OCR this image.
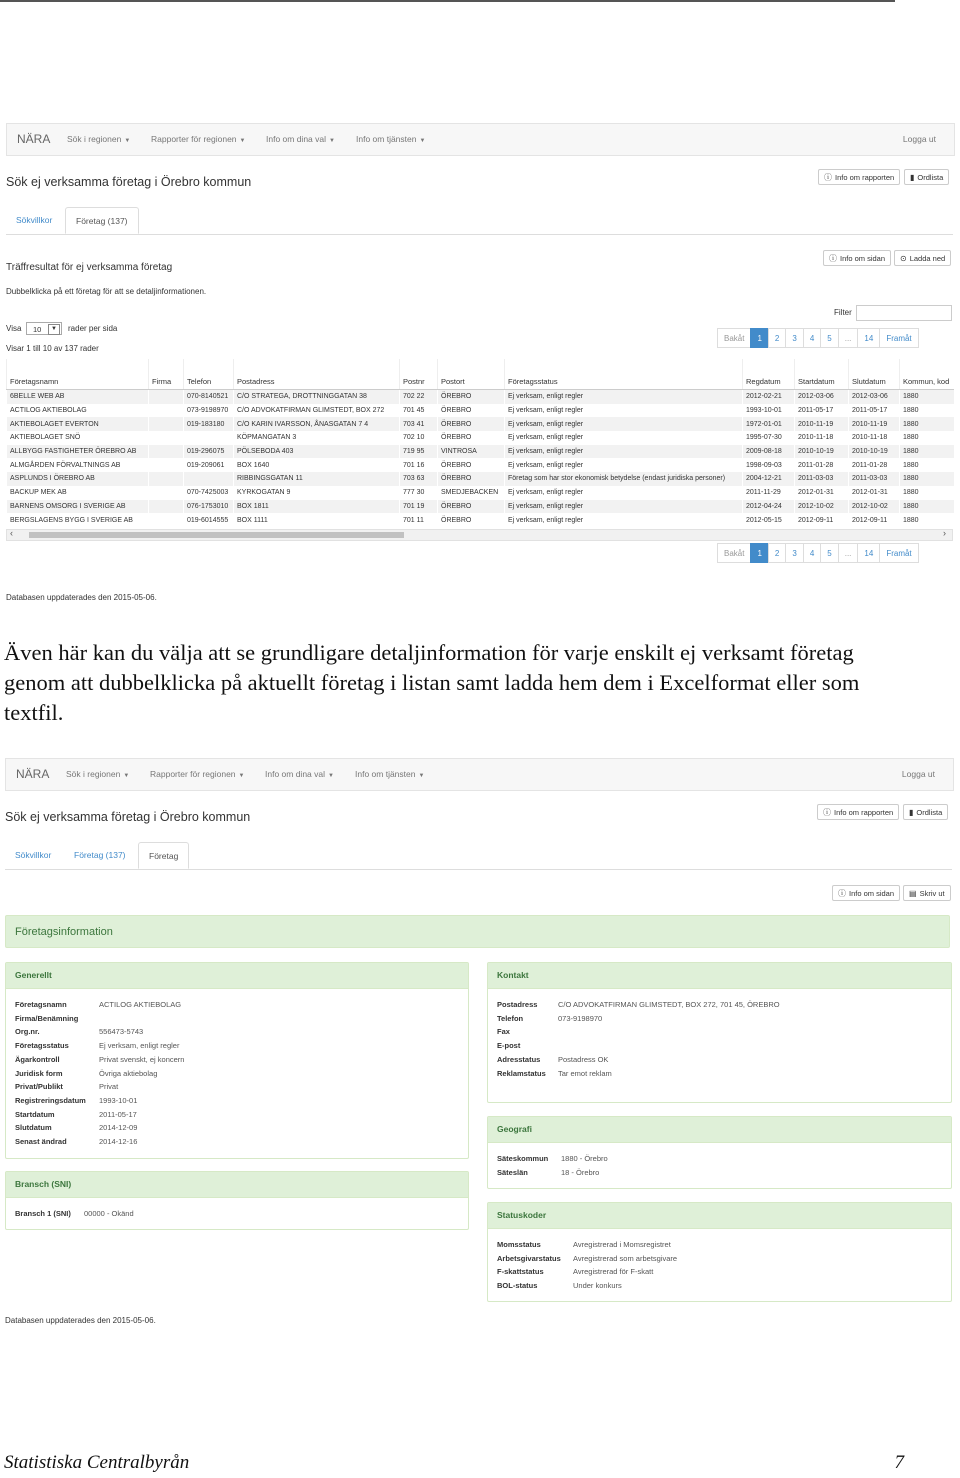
NÄRA Sök i regionen ▼ Rapporter för regionen ▼ Info om dina val ▼ Info om tjänsten ▼	Logga ut
Sök ej verksamma företag i Örebro kommun	ⓘ Info om rapporten	▮ Ordlista
Sökvillkor	Företag (137)
Träffresultat för ej verksamma företag
Dubbelklicka på ett företag för att se detaljinformationen.
ⓘ Info om sidan	⊙ Ladda ned
Filter
Visa	10	▼	rader per sida
Visar 1 till 10 av 137 rader
Bakåt	1	2	3	4	5	...	14	Framåt
Företagsnamn	Firma	Telefon	Postadress	Postnr	Postort	Företagsstatus	Regdatum	Startdatum	Slutdatum	Kommun, kod
6BELLE WEB AB		070-8140521	C/O STRATEGA, DROTTNINGGATAN 38	702 22	ÖREBRO	Ej verksam, enligt regler	2012-02-21	2012-03-06	2012-03-06	1880
ACTILOG AKTIEBOLAG		073-9198970	C/O ADVOKATFIRMAN GLIMSTEDT, BOX 272	701 45	ÖREBRO	Ej verksam, enligt regler	1993-10-01	2011-05-17	2011-05-17	1880
AKTIEBOLAGET EVERTON		019-183180	C/O KARIN IVARSSON, ÅNASGATAN 7 4	703 41	ÖREBRO	Ej verksam, enligt regler	1972-01-01	2010-11-19	2010-11-19	1880
AKTIEBOLAGET SNÖ			KÖPMANGATAN 3	702 10	ÖREBRO	Ej verksam, enligt regler	1995-07-30	2010-11-18	2010-11-18	1880
ALLBYGG FASTIGHETER ÖREBRO AB		019-296075	PÖLSEBODA 403	719 95	VINTROSA	Ej verksam, enligt regler	2009-08-18	2010-10-19	2010-10-19	1880
ALMGÅRDEN FÖRVALTNINGS AB		019-209061	BOX 1640	701 16	ÖREBRO	Ej verksam, enligt regler	1998-09-03	2011-01-28	2011-01-28	1880
ASPLUNDS I ÖREBRO AB			RIBBINGSGATAN 11	703 63	ÖREBRO	Företag som har stor ekonomisk betydelse (endast juridiska personer)	2004-12-21	2011-03-03	2011-03-03	1880
BACKUP MEK AB		070-7425003	KYRKOGATAN 9	777 30	SMEDJEBACKEN	Ej verksam, enligt regler	2011-11-29	2012-01-31	2012-01-31	1880
BARNENS OMSORG I SVERIGE AB		076-1753010	BOX 1811	701 19	ÖREBRO	Ej verksam, enligt regler	2012-04-24	2012-10-02	2012-10-02	1880
BERGSLAGENS BYGG I SVERIGE AB		019-6014555	BOX 1111	701 11	ÖREBRO	Ej verksam, enligt regler	2012-05-15	2012-09-11	2012-09-11	1880
‹	›
Bakåt	1	2	3	4	5	...	14	Framåt
Databasen uppdaterades den 2015-05-06.
Även här kan du välja att se grundligare detaljinformation för varje enskilt ej verksamt företag genom att dubbelklicka på aktuellt företag i listan samt ladda hem dem i Excelformat eller som textfil.
NÄRA Sök i regionen ▼ Rapporter för regionen ▼ Info om dina val ▼ Info om tjänsten ▼	Logga ut
Sök ej verksamma företag i Örebro kommun	ⓘ Info om rapporten	▮ Ordlista
Sökvillkor	Företag (137)	Företag
ⓘ Info om sidan	▤ Skriv ut
Företagsinformation
Generellt
Företagsnamn	ACTILOG AKTIEBOLAG
Firma/Benämning
Org.nr.	556473-5743
Företagsstatus	Ej verksam, enligt regler
Ägarkontroll	Privat svenskt, ej koncern
Juridisk form	Övriga aktiebolag
Privat/Publikt	Privat
Registreringsdatum 1993-10-01
Startdatum	2011-05-17
Slutdatum	2014-12-09
Senast ändrad	2014-12-16
Bransch (SNI)
Bransch 1 (SNI) 00000 - Okänd
Kontakt
Postadress	C/O ADVOKATFIRMAN GLIMSTEDT, BOX 272, 701 45, ÖREBRO
Telefon	073-9198970
Fax
E-post
Adresstatus Postadress OK
Reklamstatus Tar emot reklam
Geografi
Säteskommun 1880 - Örebro
Säteslän	18 - Örebro
Statuskoder
Momsstatus	Avregistrerad i Momsregistret
Arbetsgivarstatus Avregistrerad som arbetsgivare
F-skattstatus	Avregistrerad för F-skatt
BOL-status	Under konkurs
Databasen uppdaterades den 2015-05-06.
Statistiska Centralbyrån	7
